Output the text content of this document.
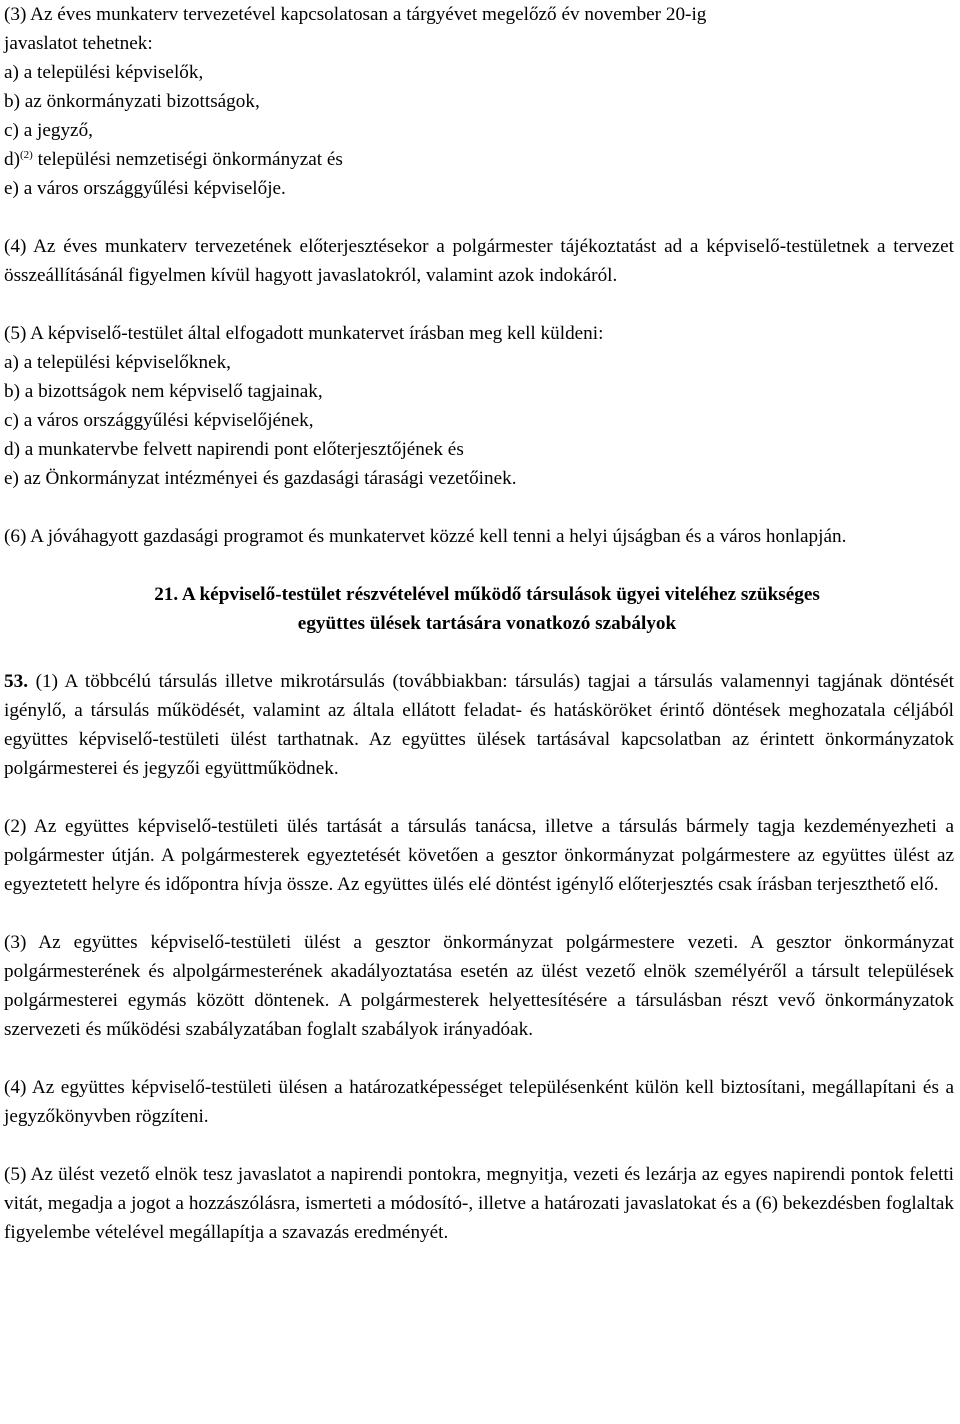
(3) Az éves munkaterv tervezetével kapcsolatosan a tárgyévet megelőző év november 20-ig
javaslatot tehetnek:
a) a települési képviselők,
b) az önkormányzati bizottságok,
c) a jegyző,
d)$^{(2)}$ települési nemzetiségi önkormányzat és
e) a város országgyűlési képviselője.

(4) Az éves munkaterv tervezetének előterjesztésekor a polgármester tájékoztatást ad a képviselő-testületnek a tervezet összeállításánál figyelmen kívül hagyott javaslatokról, valamint azok indokáról.

(5) A képviselő-testület által elfogadott munkatervet írásban meg kell küldeni:
a) a települési képviselőknek,
b) a bizottságok nem képviselő tagjainak,
c) a város országgyűlési képviselőjének,
d) a munkatervbe felvett napirendi pont előterjesztőjének és
e) az Önkormányzat intézményei és gazdasági tárasági vezetőinek.

(6) A jóváhagyott gazdasági programot és munkatervet közzé kell tenni a helyi újságban és a város honlapján.

21. A képviselő-testület részvételével működő társulások ügyei viteléhez szükséges
együttes ülések tartására vonatkozó szabályok

53. (1) A többcélú társulás illetve mikrotársulás (továbbiakban: társulás) tagjai a társulás valamennyi tagjának döntését igénylő, a társulás működését, valamint az általa ellátott feladat- és hatásköröket érintő döntések meghozatala céljából együttes képviselő-testületi ülést tarthatnak. Az együttes ülések tartásával kapcsolatban az érintett önkormányzatok polgármesterei és jegyzői együttműködnek.

(2) Az együttes képviselő-testületi ülés tartását a társulás tanácsa, illetve a társulás bármely tagja kezdeményezheti a polgármester útján. A polgármesterek egyeztetését követően a gesztor önkormányzat polgármestere az együttes ülést az egyeztetett helyre és időpontra hívja össze. Az együttes ülés elé döntést igénylő előterjesztés csak írásban terjeszthető elő.

(3) Az együttes képviselő-testületi ülést a gesztor önkormányzat polgármestere vezeti. A gesztor önkormányzat polgármesterének és alpolgármesterének akadályoztatása esetén az ülést vezető elnök személyéről a társult települések polgármesterei egymás között döntenek. A polgármesterek helyettesítésére a társulásban részt vevő önkormányzatok szervezeti és működési szabályzatában foglalt szabályok irányadóak.

(4) Az együttes képviselő-testületi ülésen a határozatképességet településenként külön kell biztosítani, megállapítani és a jegyzőkönyvben rögzíteni.

(5) Az ülést vezető elnök tesz javaslatot a napirendi pontokra, megnyitja, vezeti és lezárja az egyes napirendi pontok feletti vitát, megadja a jogot a hozzászólásra, ismerteti a módosító-, illetve a határozati javaslatokat és a (6) bekezdésben foglaltak figyelembe vételével megállapítja a szavazás eredményét.
